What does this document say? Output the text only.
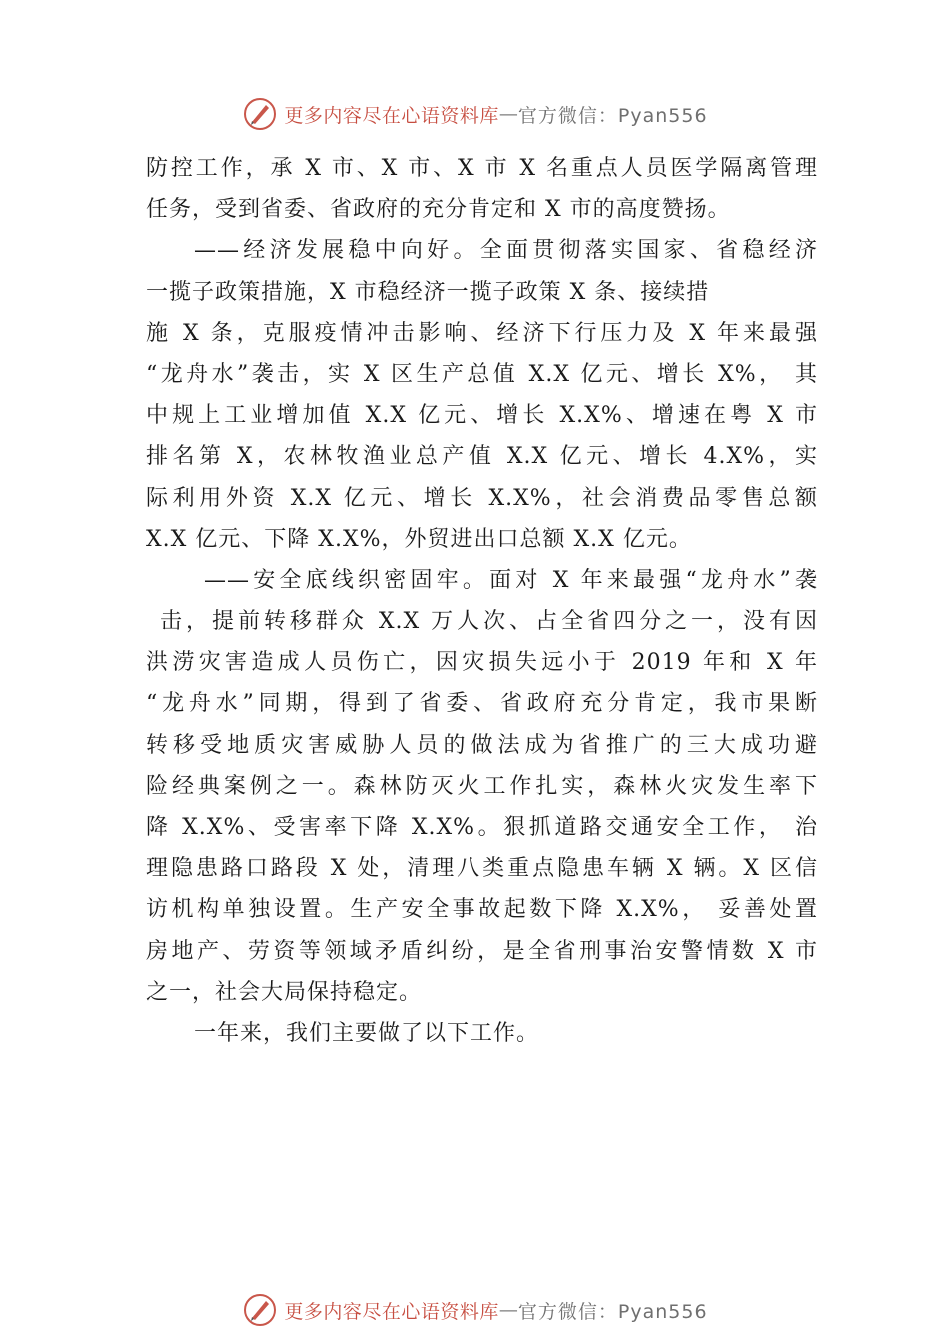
更多内容尽在心语资料库 — 官方微信：Pyan556
防控工作，承 X 市、X 市、X 市 X 名重点人员医学隔离管理
任务，受到省委、省政府的充分肯定和 X 市的高度赞扬。
——经济发展稳中向好。全面贯彻落实国家、省稳经济
一揽子政策措施，X 市稳经济一揽子政策 X 条、接续措
施 X 条，克服疫情冲击影响、经济下行压力及 X 年来最强
“龙舟水”袭击，实 X 区生产总值 X.X 亿元、增长 X%， 其
中规上工业增加值 X.X 亿元、增长 X.X%、增速在粤 X 市
排名第 X，农林牧渔业总产值 X.X 亿元、增长 4.X%，实
际利用外资 X.X 亿元、增长 X.X%，社会消费品零售总额
X.X 亿元、下降 X.X%，外贸进出口总额 X.X 亿元。
——安全底线织密固牢。面对 X 年来最强“龙舟水”袭
击，提前转移群众 X.X 万人次、占全省四分之一，没有因
洪涝灾害造成人员伤亡，因灾损失远小于 2019 年和 X 年
“龙舟水”同期，得到了省委、省政府充分肯定，我市果断
转移受地质灾害威胁人员的做法成为省推广的三大成功避
险经典案例之一。森林防灭火工作扎实，森林火灾发生率下
降 X.X%、受害率下降 X.X%。狠抓道路交通安全工作， 治
理隐患路口路段 X 处，清理八类重点隐患车辆 X 辆。X 区信
访机构单独设置。生产安全事故起数下降 X.X%， 妥善处置
房地产、劳资等领域矛盾纠纷，是全省刑事治安警情数 X 市
之一，社会大局保持稳定。
一年来，我们主要做了以下工作。
更多内容尽在心语资料库 — 官方微信：Pyan556
